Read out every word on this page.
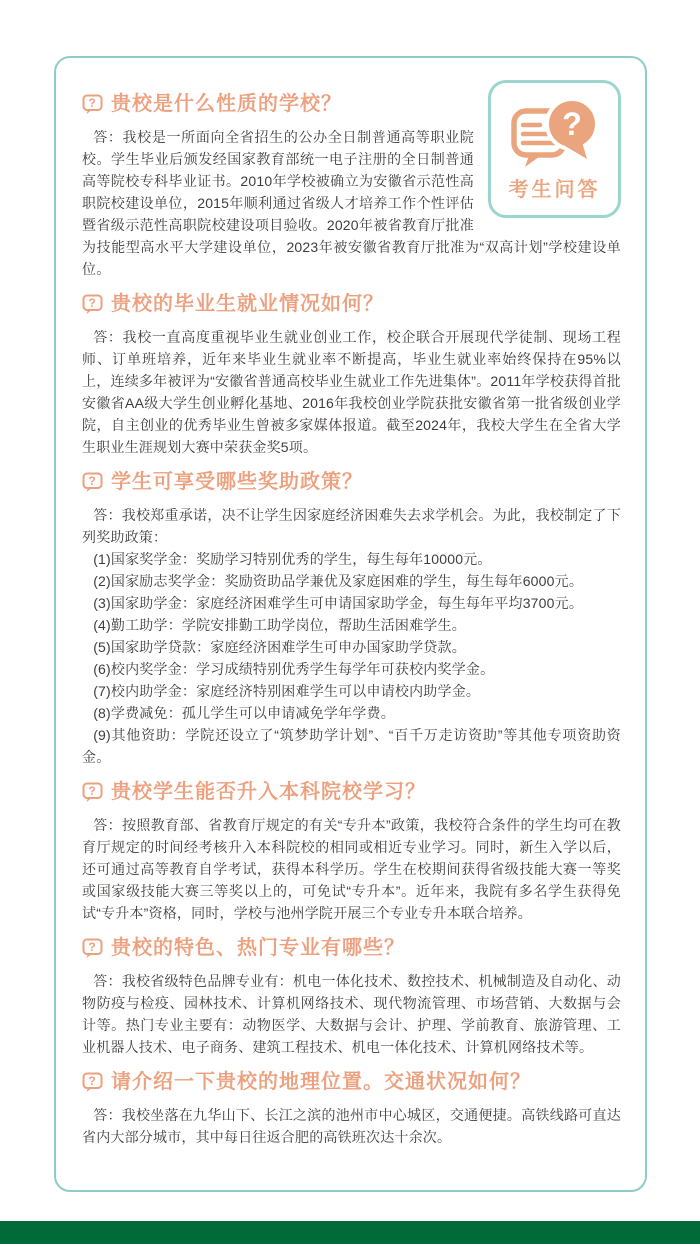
?
考生问答
? 贵校是什么性质的学校？

答：我校是一所面向全省招生的公办全日制普通高等职业院校。学生毕业后颁发经国家教育部统一电子注册的全日制普通高等院校专科毕业证书。2010年学校被确立为安徽省示范性高职院校建设单位，2015年顺利通过省级人才培养工作个性评估暨省级示范性高职院校建设项目验收。2020年被省教育厅批准为技能型高水平大学建设单位，2023年被安徽省教育厅批准为“双高计划”学校建设单位。

? 贵校的毕业生就业情况如何？

答：我校一直高度重视毕业生就业创业工作，校企联合开展现代学徒制、现场工程师、订单班培养，近年来毕业生就业率不断提高，毕业生就业率始终保持在95%以上，连续多年被评为“安徽省普通高校毕业生就业工作先进集体”。2011年学校获得首批安徽省AA级大学生创业孵化基地、2016年我校创业学院获批安徽省第一批省级创业学院，自主创业的优秀毕业生曾被多家媒体报道。截至2024年，我校大学生在全省大学生职业生涯规划大赛中荣获金奖5项。

? 学生可享受哪些奖助政策？

答：我校郑重承诺，决不让学生因家庭经济困难失去求学机会。为此，我校制定了下列奖助政策：

(1)国家奖学金：奖励学习特别优秀的学生，每生每年10000元。

(2)国家励志奖学金：奖励资助品学兼优及家庭困难的学生，每生每年6000元。

(3)国家助学金：家庭经济困难学生可申请国家助学金，每生每年平均3700元。

(4)勤工助学：学院安排勤工助学岗位，帮助生活困难学生。

(5)国家助学贷款：家庭经济困难学生可申办国家助学贷款。

(6)校内奖学金：学习成绩特别优秀学生每学年可获校内奖学金。

(7)校内助学金：家庭经济特别困难学生可以申请校内助学金。

(8)学费减免：孤儿学生可以申请减免学年学费。

(9)其他资助：学院还设立了“筑梦助学计划”、“百千万走访资助”等其他专项资助资金。

? 贵校学生能否升入本科院校学习？

答：按照教育部、省教育厅规定的有关“专升本”政策，我校符合条件的学生均可在教育厅规定的时间经考核升入本科院校的相同或相近专业学习。同时，新生入学以后，还可通过高等教育自学考试，获得本科学历。学生在校期间获得省级技能大赛一等奖或国家级技能大赛三等奖以上的，可免试“专升本”。近年来，我院有多名学生获得免试“专升本”资格，同时，学校与池州学院开展三个专业专升本联合培养。

? 贵校的特色、热门专业有哪些？

答：我校省级特色品牌专业有：机电一体化技术、数控技术、机械制造及自动化、动物防疫与检疫、园林技术、计算机网络技术、现代物流管理、市场营销、大数据与会计等。热门专业主要有：动物医学、大数据与会计、护理、学前教育、旅游管理、工业机器人技术、电子商务、建筑工程技术、机电一体化技术、计算机网络技术等。

? 请介绍一下贵校的地理位置。交通状况如何？

答：我校坐落在九华山下、长江之滨的池州市中心城区，交通便捷。高铁线路可直达省内大部分城市，其中每日往返合肥的高铁班次达十余次。
